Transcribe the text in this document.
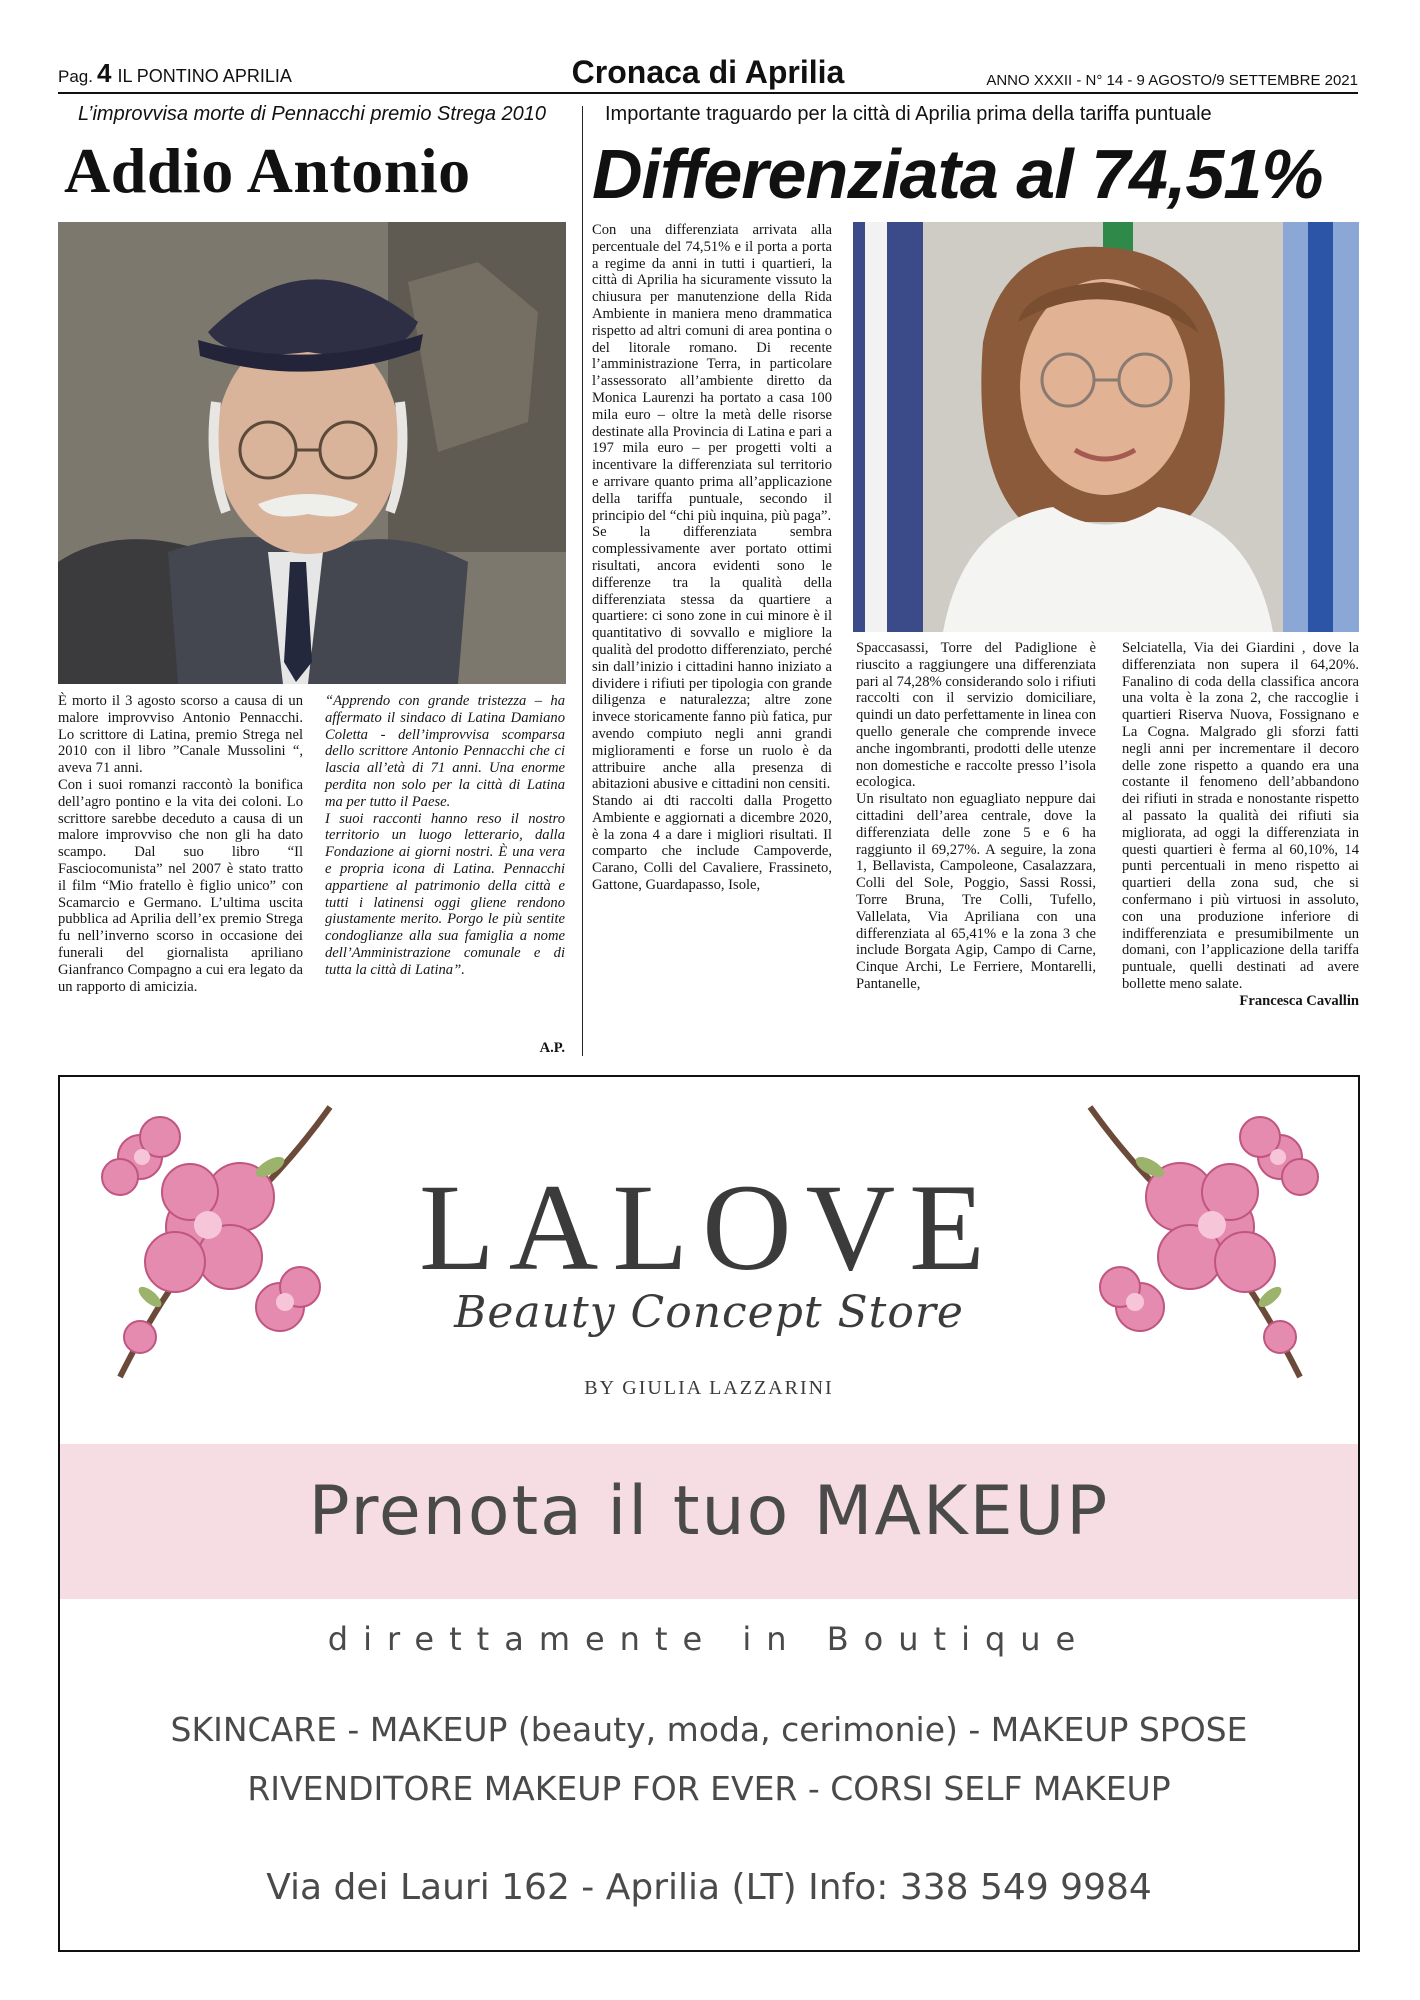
Pag. 4 IL PONTINO APRILIA	Cronaca di Aprilia	ANNO XXXII - N° 14 - 9 AGOSTO/9 SETTEMBRE 2021
L’improvvisa morte di Pennacchi premio Strega 2010
Addio Antonio
Importante traguardo per la città di Aprilia prima della tariffa puntuale
Differenziata al 74,51%

È morto il 3 agosto scorso a causa di un malore improvviso Antonio Pennacchi. Lo scrittore di Latina, premio Strega nel 2010 con il libro ”Canale Mussolini “, aveva 71 anni.

Con i suoi romanzi raccontò la bonifica dell’agro pontino e la vita dei coloni. Lo scrittore sarebbe deceduto a causa di un malore improvviso che non gli ha dato scampo. Dal suo libro “Il Fasciocomunista” nel 2007 è stato tratto il film “Mio fratello è figlio unico” con Scamarcio e Germano. L’ultima uscita pubblica ad Aprilia dell’ex premio Strega fu nell’inverno scorso in occasione dei funerali del giornalista apriliano Gianfranco Compagno a cui era legato da un rapporto di amicizia.

“Apprendo con grande tristezza – ha affermato il sindaco di Latina Damiano Coletta - dell’improvvisa scomparsa dello scrittore Antonio Pennacchi che ci lascia all’età di 71 anni. Una enorme perdita non solo per la città di Latina ma per tutto il Paese.

I suoi racconti hanno reso il nostro territorio un luogo letterario, dalla Fondazione ai giorni nostri. È una vera e propria icona di Latina. Pennacchi appartiene al patrimonio della città e tutti i latinensi oggi gliene rendono giustamente merito. Porgo le più sentite condoglianze alla sua famiglia a nome dell’Amministrazione comunale e di tutta la città di Latina”.

A.P.

Con una differenziata arrivata alla percentuale del 74,51% e il porta a porta a regime da anni in tutti i quartieri, la città di Aprilia ha sicuramente vissuto la chiusura per manutenzione della Rida Ambiente in maniera meno drammatica rispetto ad altri comuni di area pontina o del litorale romano. Di recente l’amministrazione Terra, in particolare l’assessorato all’ambiente diretto da Monica Laurenzi ha portato a casa 100 mila euro – oltre la metà delle risorse destinate alla Provincia di Latina e pari a 197 mila euro – per progetti volti a incentivare la differenziata sul territorio e arrivare quanto prima all’applicazione della tariffa puntuale, secondo il principio del “chi più inquina, più paga”.

Se la differenziata sembra complessivamente aver portato ottimi risultati, ancora evidenti sono le differenze tra la qualità della differenziata stessa da quartiere a quartiere: ci sono zone in cui minore è il quantitativo di sovvallo e migliore la qualità del prodotto differenziato, perché sin dall’inizio i cittadini hanno iniziato a dividere i rifiuti per tipologia con grande diligenza e naturalezza; altre zone invece storicamente fanno più fatica, pur avendo compiuto negli anni grandi miglioramenti e forse un ruolo è da attribuire anche alla presenza di abitazioni abusive e cittadini non censiti.

Stando ai dti raccolti dalla Progetto Ambiente e aggiornati a dicembre 2020, è la zona 4 a dare i migliori risultati. Il comparto che include Campoverde, Carano, Colli del Cavaliere, Frassineto, Gattone, Guardapasso, Isole,

Spaccasassi, Torre del Padiglione è riuscito a raggiungere una differenziata pari al 74,28% considerando solo i rifiuti raccolti con il servizio domiciliare, quindi un dato perfettamente in linea con quello generale che comprende invece anche ingombranti, prodotti delle utenze non domestiche e raccolte presso l’isola ecologica.

Un risultato non eguagliato neppure dai cittadini dell’area centrale, dove la differenziata delle zone 5 e 6 ha raggiunto il 69,27%. A seguire, la zona 1, Bellavista, Campoleone, Casalazzara, Colli del Sole, Poggio, Sassi Rossi, Torre Bruna, Tre Colli, Tufello, Vallelata, Via Apriliana con una differenziata al 65,41% e la zona 3 che include Borgata Agip, Campo di Carne, Cinque Archi, Le Ferriere, Montarelli, Pantanelle,

Selciatella, Via dei Giardini , dove la differenziata non supera il 64,20%. Fanalino di coda della classifica ancora una volta è la zona 2, che raccoglie i quartieri Riserva Nuova, Fossignano e La Cogna. Malgrado gli sforzi fatti negli anni per incrementare il decoro delle zone rispetto a quando era una costante il fenomeno dell’abbandono dei rifiuti in strada e nonostante rispetto al passato la qualità dei rifiuti sia migliorata, ad oggi la differenziata in questi quartieri è ferma al 60,10%, 14 punti percentuali in meno rispetto ai quartieri della zona sud, che si confermano i più virtuosi in assoluto, con una produzione inferiore di indifferenziata e presumibilmente un domani, con l’applicazione della tariffa puntuale, quelli destinati ad avere bollette meno salate.

Francesca Cavallin

LALOVE
Beauty Concept Store
BY GIULIA LAZZARINI
Prenota il tuo MAKEUP
direttamente in Boutique
SKINCARE - MAKEUP (beauty, moda, cerimonie) - MAKEUP SPOSE
RIVENDITORE MAKEUP FOR EVER - CORSI SELF MAKEUP
Via dei Lauri 162 - Aprilia (LT) Info: 338 549 9984
